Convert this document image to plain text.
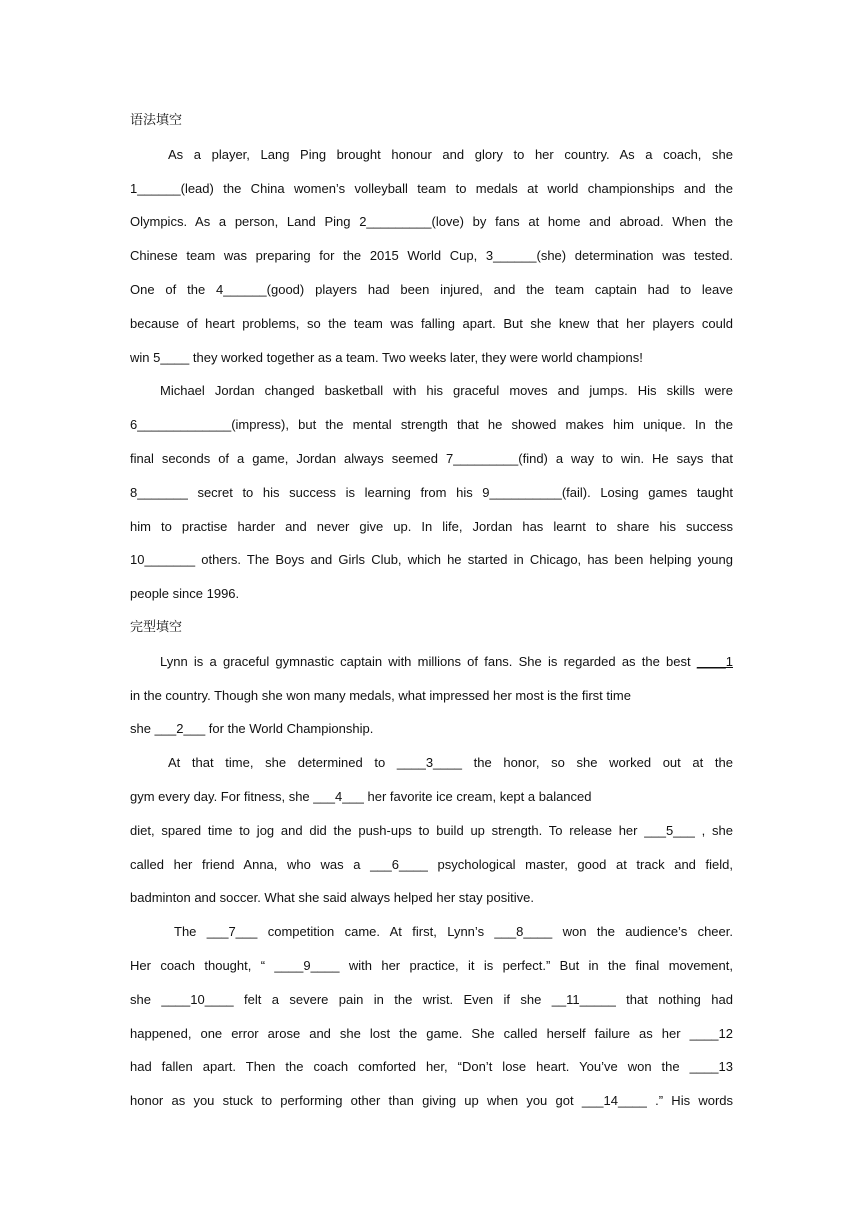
语法填空
As a player, Lang Ping brought honour and glory to her country. As a coach, she
1______(lead) the China women’s volleyball team to medals at world championships and the
Olympics. As a person, Land Ping 2_________(love) by fans at home and abroad. When the
Chinese team was preparing for the 2015 World Cup, 3______(she) determination was tested.
One of the 4______(good) players had been injured, and the team captain had to leave
because of heart problems, so the team was falling apart. But she knew that her players could
win 5____ they worked together as a team. Two weeks later, they were world champions!
Michael Jordan changed basketball with his graceful moves and jumps. His skills were
6_____________(impress), but the mental strength that he showed makes him unique. In the
final seconds of a game, Jordan always seemed 7_________(find) a way to win. He says that
8_______ secret to his success is learning from his 9__________(fail). Losing games taught
him to practise harder and never give up. In life, Jordan has learnt to share his success
10_______ others. The Boys and Girls Club, which he started in Chicago, has been helping young
people since 1996.
完型填空
Lynn is a graceful gymnastic captain with millions of fans. She is regarded as the best ____1
in the country. Though she won many medals, what impressed her most is the first time
she ___2___ for the World Championship.
At that time, she determined to ____3____ the honor, so she worked out at the
gym every day. For fitness, she ___4___ her favorite ice cream, kept a balanced
diet, spared time to jog and did the push-ups to build up strength. To release her ___5___ , she
called her friend Anna, who was a ___6____ psychological master, good at track and field,
badminton and soccer. What she said always helped her stay positive.
The ___7___ competition came. At first, Lynn’s ___8____ won the audience’s cheer.
Her coach thought, “ ____9____ with her practice, it is perfect.” But in the final movement,
she ____10____ felt a severe pain in the wrist. Even if she __11_____ that nothing had
happened, one error arose and she lost the game. She called herself failure as her ____12
had fallen apart. Then the coach comforted her, “Don’t lose heart. You’ve won the ____13
honor as you stuck to performing other than giving up when you got ___14____ .” His words
